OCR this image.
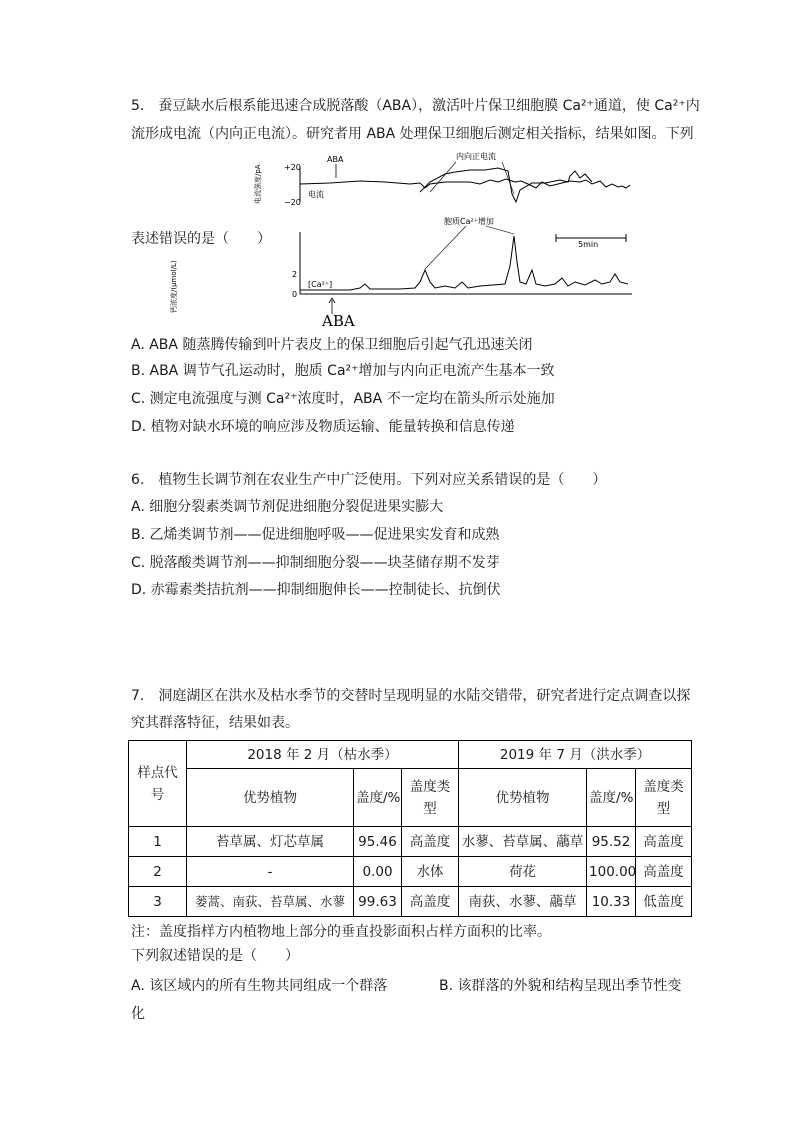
5.　蚕豆缺水后根系能迅速合成脱落酸（ABA），激活叶片保卫细胞膜 Ca²⁺通道，使 Ca²⁺内
流形成电流（内向正电流）。研究者用 ABA 处理保卫细胞后测定相关指标，结果如图。下列
表述错误的是（　　）
电流强度/pA	+20
−20
电流
ABA	内向正电流
钙浓度/(μmol/L)	2
0
[Ca²⁺]
胞质Ca²⁺增加
5min
ABA
A. ABA 随蒸腾传输到叶片表皮上的保卫细胞后引起气孔迅速关闭
B. ABA 调节气孔运动时，胞质 Ca²⁺增加与内向正电流产生基本一致
C. 测定电流强度与测 Ca²⁺浓度时，ABA 不一定均在箭头所示处施加
D. 植物对缺水环境的响应涉及物质运输、能量转换和信息传递
6.　植物生长调节剂在农业生产中广泛使用。下列对应关系错误的是（　　）
A. 细胞分裂素类调节剂促进细胞分裂促进果实膨大
B. 乙烯类调节剂——促进细胞呼吸——促进果实发育和成熟
C. 脱落酸类调节剂——抑制细胞分裂——块茎储存期不发芽
D. 赤霉素类拮抗剂——抑制细胞伸长——控制徒长、抗倒伏
7.　洞庭湖区在洪水及枯水季节的交替时呈现明显的水陆交错带，研究者进行定点调查以探
究其群落特征，结果如表。
样点代号	2018 年 2 月（枯水季）			2019 年 7 月（洪水季）		
	优势植物	盖度/%	盖度类型	优势植物	盖度/%	盖度类型
1	苔草属、灯芯草属	95.46	高盖度	水蓼、苔草属、虉草	95.52	高盖度
2	-	0.00	水体	荷花	100.00	高盖度
3	蒌蒿、南荻、苔草属、水蓼	99.63	高盖度	南荻、水蓼、虉草	10.33	低盖度
注：盖度指样方内植物地上部分的垂直投影面积占样方面积的比率。
下列叙述错误的是（　　）
A. 该区域内的所有生物共同组成一个群落	B. 该群落的外貌和结构呈现出季节性变
化
